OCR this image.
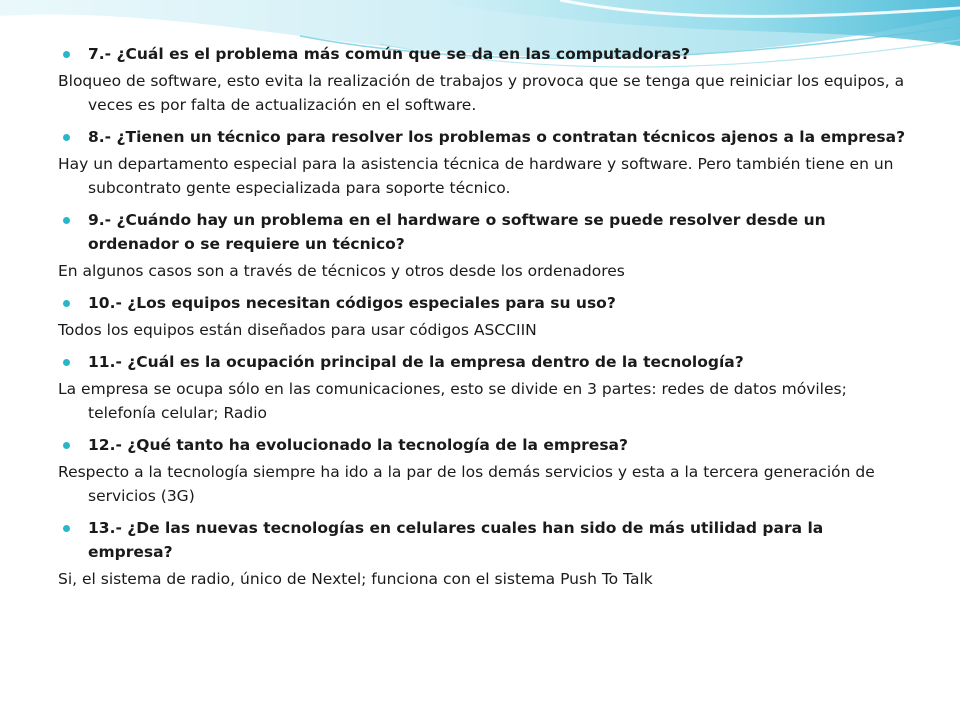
7.- ¿Cuál es el problema más común que se da en las computadoras?
Bloqueo de software, esto evita la realización de trabajos y provoca que se tenga que reiniciar los equipos, a veces es por falta de actualización en el software.
8.- ¿Tienen un técnico para resolver los problemas o contratan técnicos ajenos a la empresa?
Hay un departamento especial para la asistencia técnica de hardware y software. Pero también tiene en un subcontrato gente especializada para soporte técnico.
9.- ¿Cuándo hay un problema en el hardware o software se puede resolver desde un ordenador o se requiere un técnico?
En algunos casos son a través de técnicos y otros desde los ordenadores
10.- ¿Los equipos necesitan códigos especiales para su uso?
Todos los equipos están diseñados para usar códigos ASCCIIN
11.- ¿Cuál es la ocupación principal de la empresa dentro de la tecnología?
La empresa se ocupa sólo en las comunicaciones, esto se divide en 3 partes: redes de datos móviles; telefonía celular; Radio
12.- ¿Qué tanto ha evolucionado la tecnología de la empresa?
Respecto a la tecnología siempre ha ido a la par de los demás servicios y esta a la tercera generación de servicios (3G)
13.- ¿De las nuevas tecnologías en celulares cuales han sido de más utilidad para la empresa?
Si, el sistema de radio, único de Nextel; funciona con el sistema Push To Talk
